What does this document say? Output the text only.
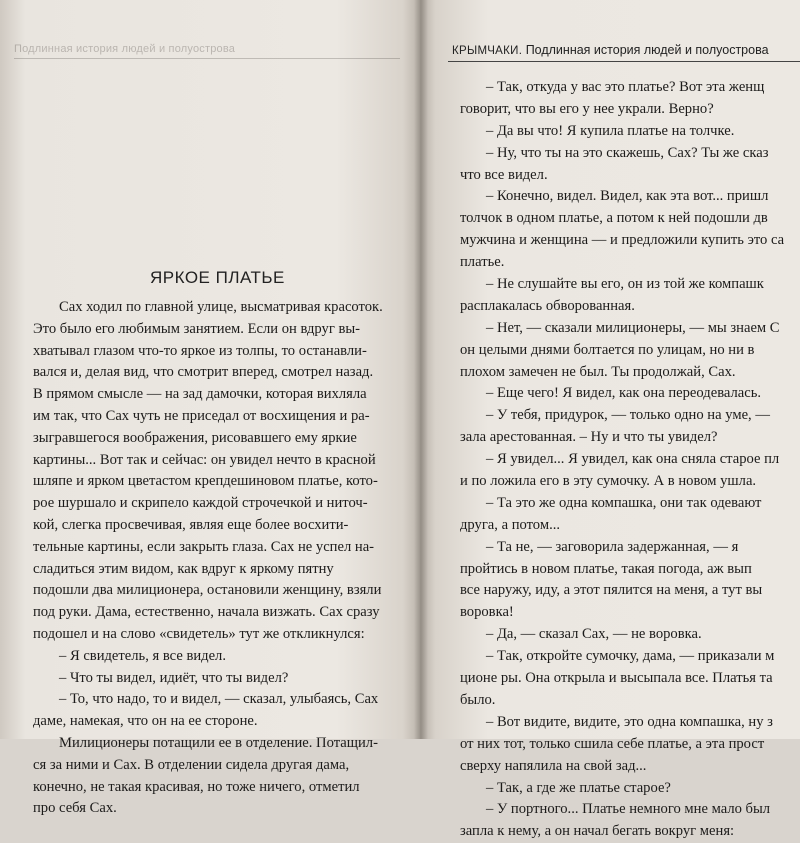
Подлинная история людей и полуострова
ЯРКОЕ ПЛАТЬЕ
Сах ходил по главной улице, высматривая красоток.
Это было его любимым занятием. Если он вдруг вы-
хватывал глазом что-то яркое из толпы, то останавли-
вался и, делая вид, что смотрит вперед, смотрел назад.
В прямом смысле — на зад дамочки, которая вихляла
им так, что Сах чуть не приседал от восхищения и ра-
зыгравшегося воображения, рисовавшего ему яркие
картины... Вот так и сейчас: он увидел нечто в красной
шляпе и ярком цветастом крепдешиновом платье, кото-
рое шуршало и скрипело каждой строчечкой и ниточ-
кой, слегка просвечивая, являя еще более восхити-
тельные картины, если закрыть глаза. Сах не успел на-
сладиться этим видом, как вдруг к яркому пятну
подошли два милиционера, остановили женщину, взяли
под руки. Дама, естественно, начала визжать. Сах сразу
подошел и на слово «свидетель» тут же откликнулся:
– Я свидетель, я все видел.
– Что ты видел, идиёт, что ты видел?
– То, что надо, то и видел, — сказал, улыбаясь, Сах
даме, намекая, что он на ее стороне.
Милиционеры потащили ее в отделение. Потащил-
ся за ними и Сах. В отделении сидела другая дама,
конечно, не такая красивая, но тоже ничего, отметил
про себя Сах.
КРЫМЧАКИ. Подлинная история людей и полуострова
– Так, откуда у вас это платье? Вот эта женщ
говорит, что вы его у нее украли. Верно?
– Да вы что! Я купила платье на толчке.
– Ну, что ты на это скажешь, Сах? Ты же сказ
что все видел.
– Конечно, видел. Видел, как эта вот... пришл
толчок в одном платье, а потом к ней подошли дв
мужчина и женщина — и предложили купить это са
платье.
– Не слушайте вы его, он из той же компашк
расплакалась обворованная.
– Нет, — сказали милиционеры, — мы знаем С
он целыми днями болтается по улицам, но ни в
плохом замечен не был. Ты продолжай, Сах.
– Еще чего! Я видел, как она переодевалась.
– У тебя, придурок, — только одно на уме, —
зала арестованная. – Ну и что ты увидел?
– Я увидел... Я увидел, как она сняла старое пл
и по ложила его в эту сумочку. А в новом ушла.
– Та это же одна компашка, они так одевают
друга, а потом...
– Та не, — заговорила задержанная, — я
пройтись в новом платье, такая погода, аж вып
все наружу, иду, а этот пялится на меня, а тут вы
воровка!
– Да, — сказал Сах, — не воровка.
– Так, откройте сумочку, дама, — приказали м
ционе ры. Она открыла и высыпала все. Платья та
было.
– Вот видите, видите, это одна компашка, ну з
от них тот, только сшила себе платье, а эта прост
сверху напялила на свой зад...
– Так, а где же платье старое?
– У портного... Платье немного мне мало был
запла к нему, а он начал бегать вокруг меня:
